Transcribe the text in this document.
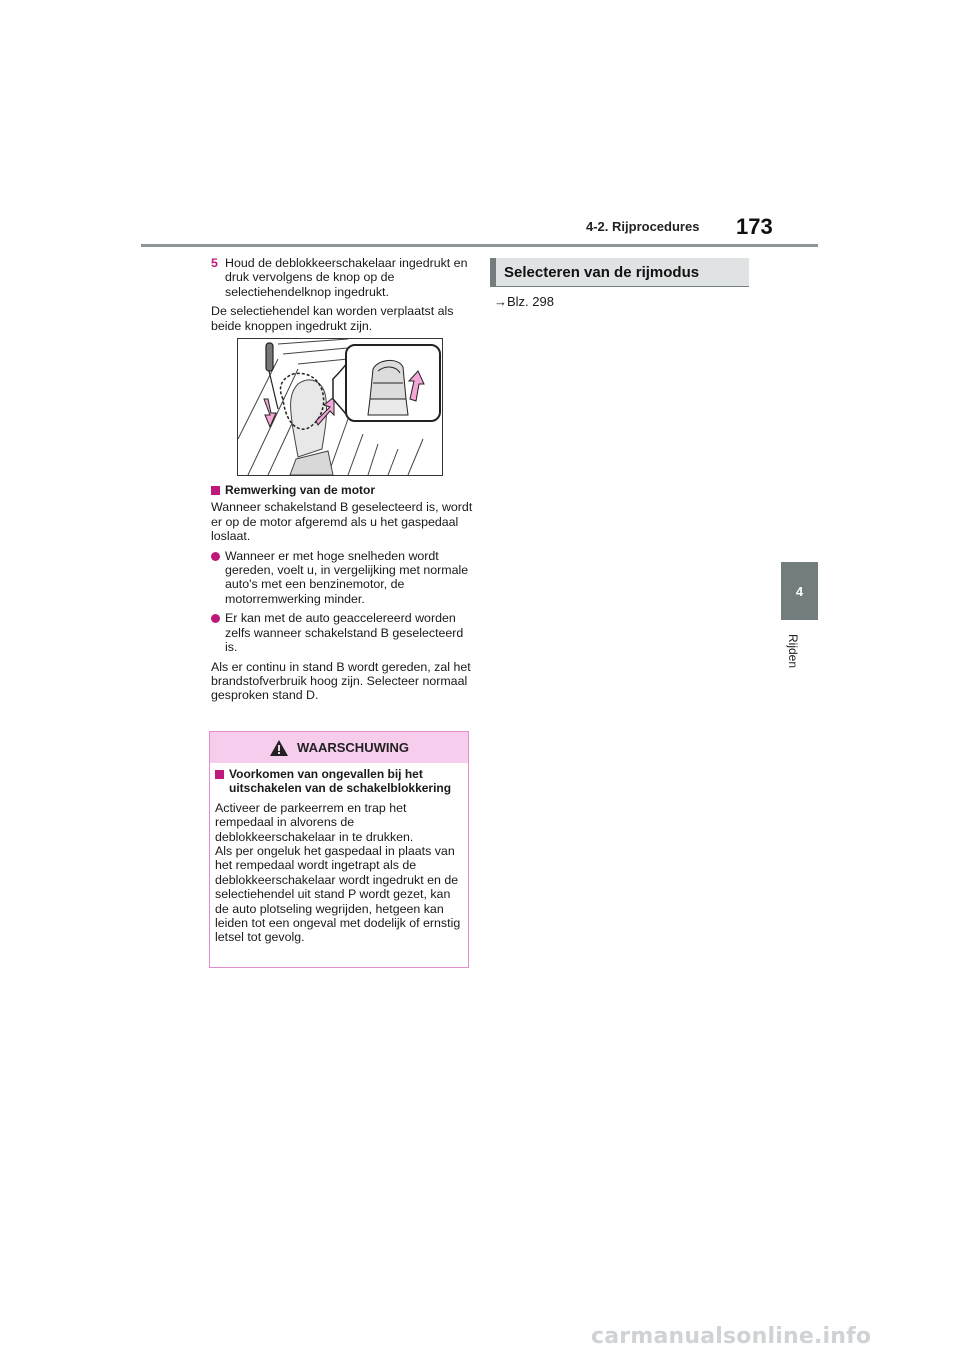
4-2. Rijprocedures 173
4
Rijden
5 Houd de deblokkeerschakelaar ingedrukt en druk vervolgens de knop op de selectiehendelknop ingedrukt.

De selectiehendel kan worden verplaatst als beide knoppen ingedrukt zijn.

Remwerking van de motor

Wanneer schakelstand B geselecteerd is, wordt er op de motor afgeremd als u het gaspedaal loslaat.

Wanneer er met hoge snelheden wordt gereden, voelt u, in vergelijking met normale auto's met een benzinemotor, de motorremwerking minder.
Er kan met de auto geaccelereerd worden zelfs wanneer schakelstand B geselecteerd is.

Als er continu in stand B wordt gereden, zal het brandstofverbruik hoog zijn. Selecteer normaal gesproken stand D.

WAARSCHUWING
Voorkomen van ongevallen bij het uitschakelen van de schakelblokkering

Activeer de parkeerrem en trap het rempedaal in alvorens de deblokkeerschakelaar in te drukken.

Als per ongeluk het gaspedaal in plaats van het rempedaal wordt ingetrapt als de deblokkeerschakelaar wordt ingedrukt en de selectiehendel uit stand P wordt gezet, kan de auto plotseling wegrijden, hetgeen kan leiden tot een ongeval met dodelijk of ernstig letsel tot gevolg.

Selecteren van de rijmodus
→Blz. 298
carmanualsonline.info
